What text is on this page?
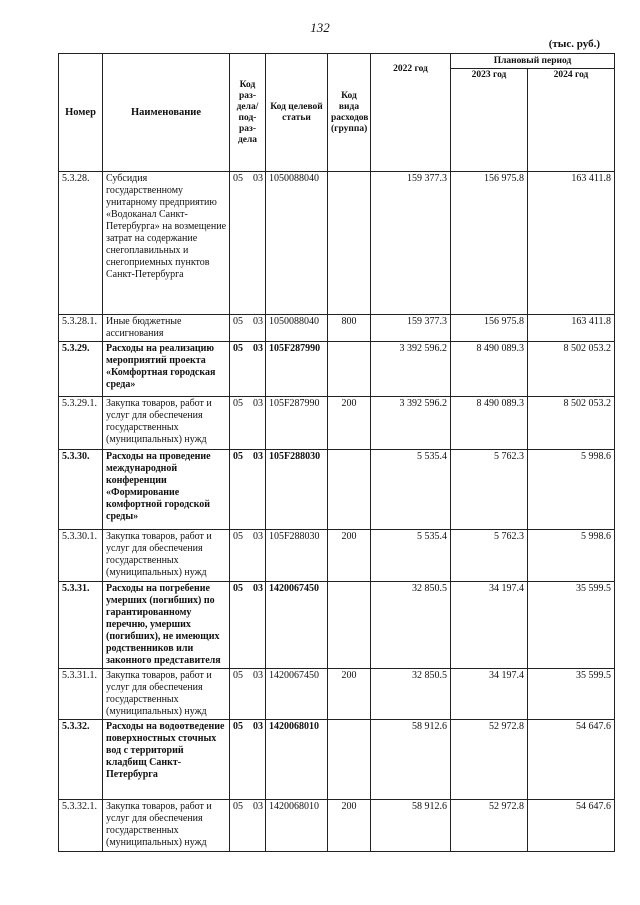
132
(тыс. руб.)
Номер	Наименование	Код раз-дела/ под-раз-дела	Код целевой статьи	Код вида расходов (группа)	2022 год	Плановый период	
						2023 год	2024 год
5.3.28.	Субсидия государственному унитарному предприятию «Водоканал Санкт-Петербурга» на возмещение затрат на содержание снегоплавильных и снегоприемных пунктов Санкт-Петербурга	05 03	1050088040		159 377.3	156 975.8	163 411.8
5.3.28.1.	Иные бюджетные ассигнования	05 03	1050088040	800	159 377.3	156 975.8	163 411.8
5.3.29.	Расходы на реализацию мероприятий проекта «Комфортная городская среда»	05 03	105F287990		3 392 596.2	8 490 089.3	8 502 053.2
5.3.29.1.	Закупка товаров, работ и услуг для обеспечения государственных (муниципальных) нужд	05 03	105F287990	200	3 392 596.2	8 490 089.3	8 502 053.2
5.3.30.	Расходы на проведение международной конференции «Формирование комфортной городской среды»	05 03	105F288030		5 535.4	5 762.3	5 998.6
5.3.30.1.	Закупка товаров, работ и услуг для обеспечения государственных (муниципальных) нужд	05 03	105F288030	200	5 535.4	5 762.3	5 998.6
5.3.31.	Расходы на погребение умерших (погибших) по гарантированному перечню, умерших (погибших), не имеющих родственников или законного представителя	05 03	1420067450		32 850.5	34 197.4	35 599.5
5.3.31.1.	Закупка товаров, работ и услуг для обеспечения государственных (муниципальных) нужд	05 03	1420067450	200	32 850.5	34 197.4	35 599.5
5.3.32.	Расходы на водоотведение поверхностных сточных вод с территорий кладбищ Санкт-Петербурга	05 03	1420068010		58 912.6	52 972.8	54 647.6
5.3.32.1.	Закупка товаров, работ и услуг для обеспечения государственных (муниципальных) нужд	05 03	1420068010	200	58 912.6	52 972.8	54 647.6
